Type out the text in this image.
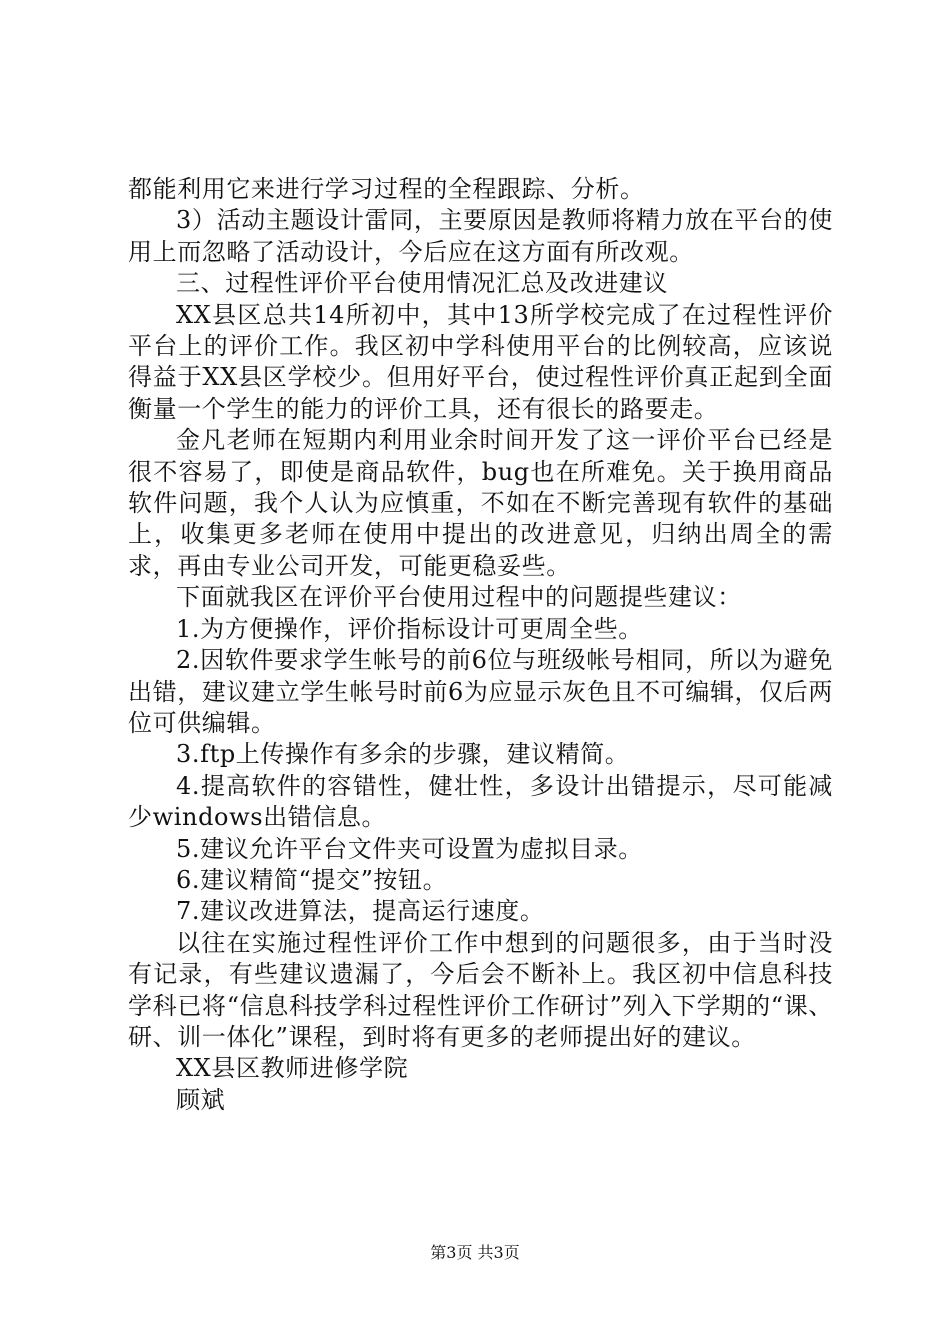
都能利用它来进行学习过程的全程跟踪、分析。

3）活动主题设计雷同，主要原因是教师将精力放在平台的使用上而忽略了活动设计，今后应在这方面有所改观。

三、过程性评价平台使用情况汇总及改进建议

XX县区总共14所初中，其中13所学校完成了在过程性评价平台上的评价工作。我区初中学科使用平台的比例较高，应该说得益于XX县区学校少。但用好平台，使过程性评价真正起到全面衡量一个学生的能力的评价工具，还有很长的路要走。

金凡老师在短期内利用业余时间开发了这一评价平台已经是很不容易了，即使是商品软件，bug也在所难免。关于换用商品软件问题，我个人认为应慎重，不如在不断完善现有软件的基础上，收集更多老师在使用中提出的改进意见，归纳出周全的需求，再由专业公司开发，可能更稳妥些。

下面就我区在评价平台使用过程中的问题提些建议：

1.为方便操作，评价指标设计可更周全些。

2.因软件要求学生帐号的前6位与班级帐号相同，所以为避免出错，建议建立学生帐号时前6为应显示灰色且不可编辑，仅后两位可供编辑。

3.ftp上传操作有多余的步骤，建议精简。

4.提高软件的容错性，健壮性，多设计出错提示，尽可能减少windows出错信息。

5.建议允许平台文件夹可设置为虚拟目录。

6.建议精简“提交”按钮。

7.建议改进算法，提高运行速度。

以往在实施过程性评价工作中想到的问题很多，由于当时没有记录，有些建议遗漏了，今后会不断补上。我区初中信息科技学科已将“信息科技学科过程性评价工作研讨”列入下学期的“课、研、训一体化”课程，到时将有更多的老师提出好的建议。

XX县区教师进修学院

顾斌

第3页 共3页
